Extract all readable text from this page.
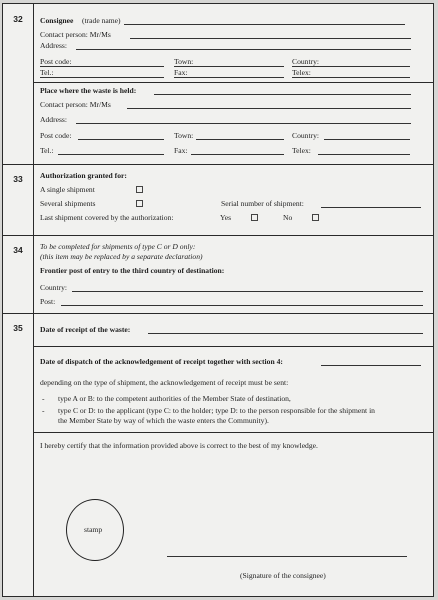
32	Consignee (trade name)
Contact person: Mr/Ms
Address:
Post code:	Town:	Country:
Tel.:	Fax:	Telex:
Place where the waste is held:
Contact person: Mr/Ms
Address:
Post code:	Town:	Country:
Tel.:	Fax:	Telex:
33	Authorization granted for:
A single shipment
Several shipments	Serial number of shipment:
Last shipment covered by the authorization:	Yes	No
34	To be completed for shipments of type C or D only:
(this item may be replaced by a separate declaration)
Frontier post of entry to the third country of destination:
Country:
Post:
35	Date of receipt of the waste:
Date of dispatch of the acknowledgement of receipt together with section 4:
depending on the type of shipment, the acknowledgement of receipt must be sent:
- type A or B: to the competent authorities of the Member State of destination,
- type C or D: to the applicant (type C: to the holder; type D: to the person responsible for the shipment in
the Member State by way of which the waste enters the Community).
I hereby certify that the information provided above is correct to the best of my knowledge.
stamp
(Signature of the consignee)
